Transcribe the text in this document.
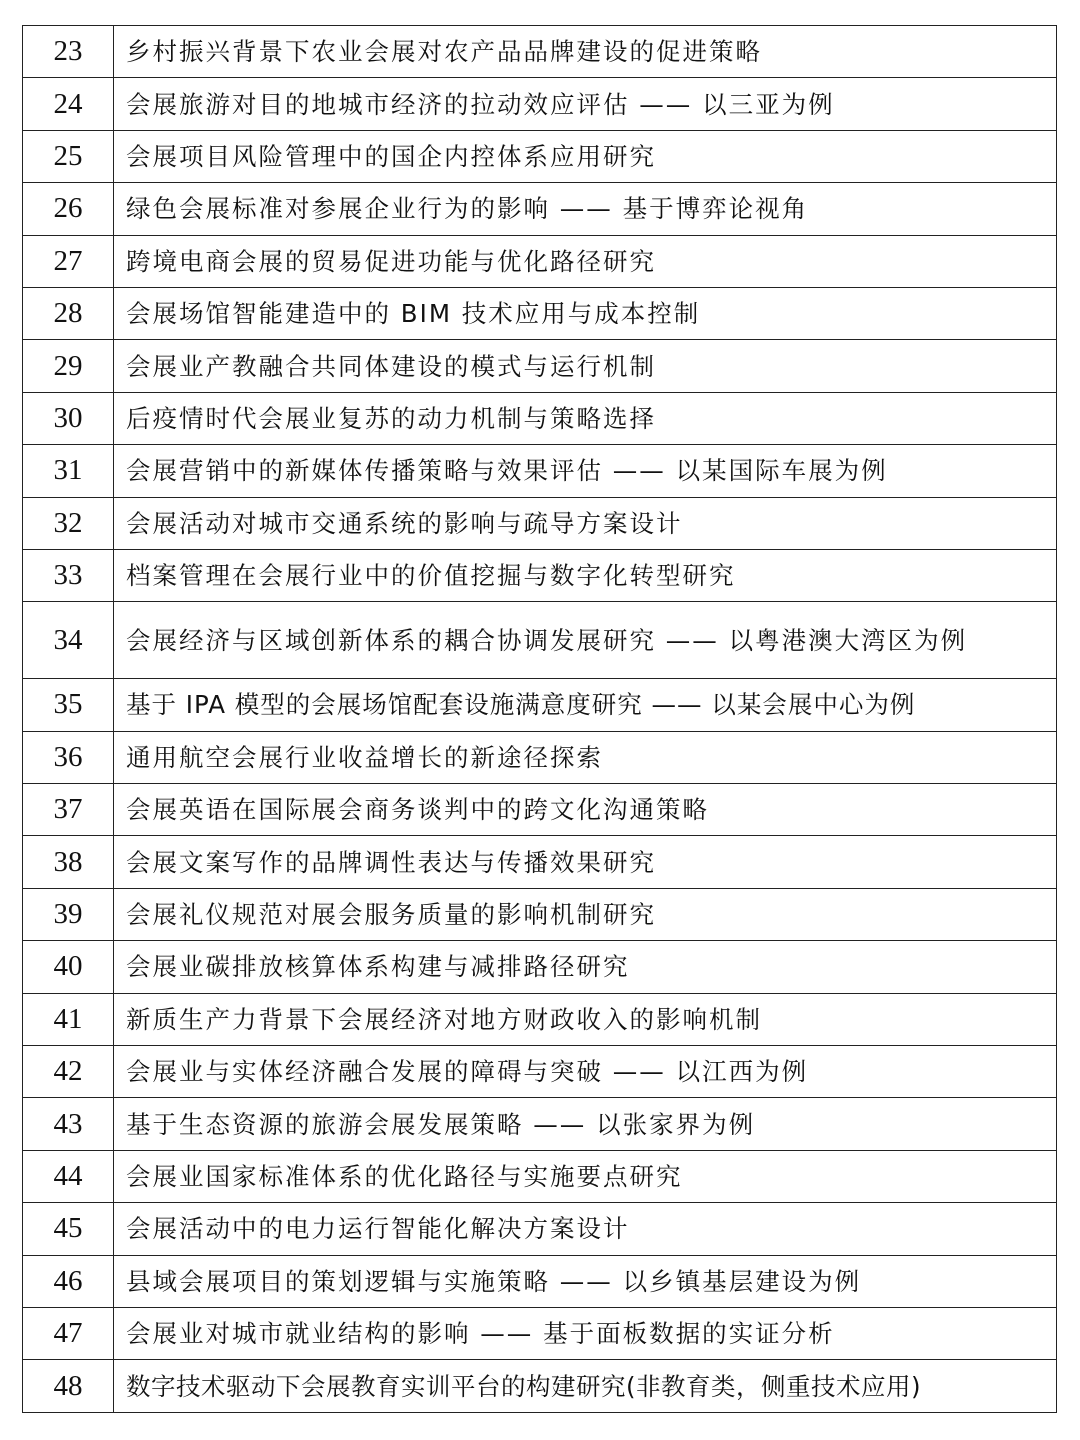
23	乡村振兴背景下农业会展对农产品品牌建设的促进策略
24	会展旅游对目的地城市经济的拉动效应评估 —— 以三亚为例
25	会展项目风险管理中的国企内控体系应用研究
26	绿色会展标准对参展企业行为的影响 —— 基于博弈论视角
27	跨境电商会展的贸易促进功能与优化路径研究
28	会展场馆智能建造中的 BIM 技术应用与成本控制
29	会展业产教融合共同体建设的模式与运行机制
30	后疫情时代会展业复苏的动力机制与策略选择
31	会展营销中的新媒体传播策略与效果评估 —— 以某国际车展为例
32	会展活动对城市交通系统的影响与疏导方案设计
33	档案管理在会展行业中的价值挖掘与数字化转型研究
34	会展经济与区域创新体系的耦合协调发展研究 —— 以粤港澳大湾区为例
35	基于 IPA 模型的会展场馆配套设施满意度研究 —— 以某会展中心为例
36	通用航空会展行业收益增长的新途径探索
37	会展英语在国际展会商务谈判中的跨文化沟通策略
38	会展文案写作的品牌调性表达与传播效果研究
39	会展礼仪规范对展会服务质量的影响机制研究
40	会展业碳排放核算体系构建与减排路径研究
41	新质生产力背景下会展经济对地方财政收入的影响机制
42	会展业与实体经济融合发展的障碍与突破 —— 以江西为例
43	基于生态资源的旅游会展发展策略 —— 以张家界为例
44	会展业国家标准体系的优化路径与实施要点研究
45	会展活动中的电力运行智能化解决方案设计
46	县域会展项目的策划逻辑与实施策略 —— 以乡镇基层建设为例
47	会展业对城市就业结构的影响 —— 基于面板数据的实证分析
48	数字技术驱动下会展教育实训平台的构建研究(非教育类，侧重技术应用)
